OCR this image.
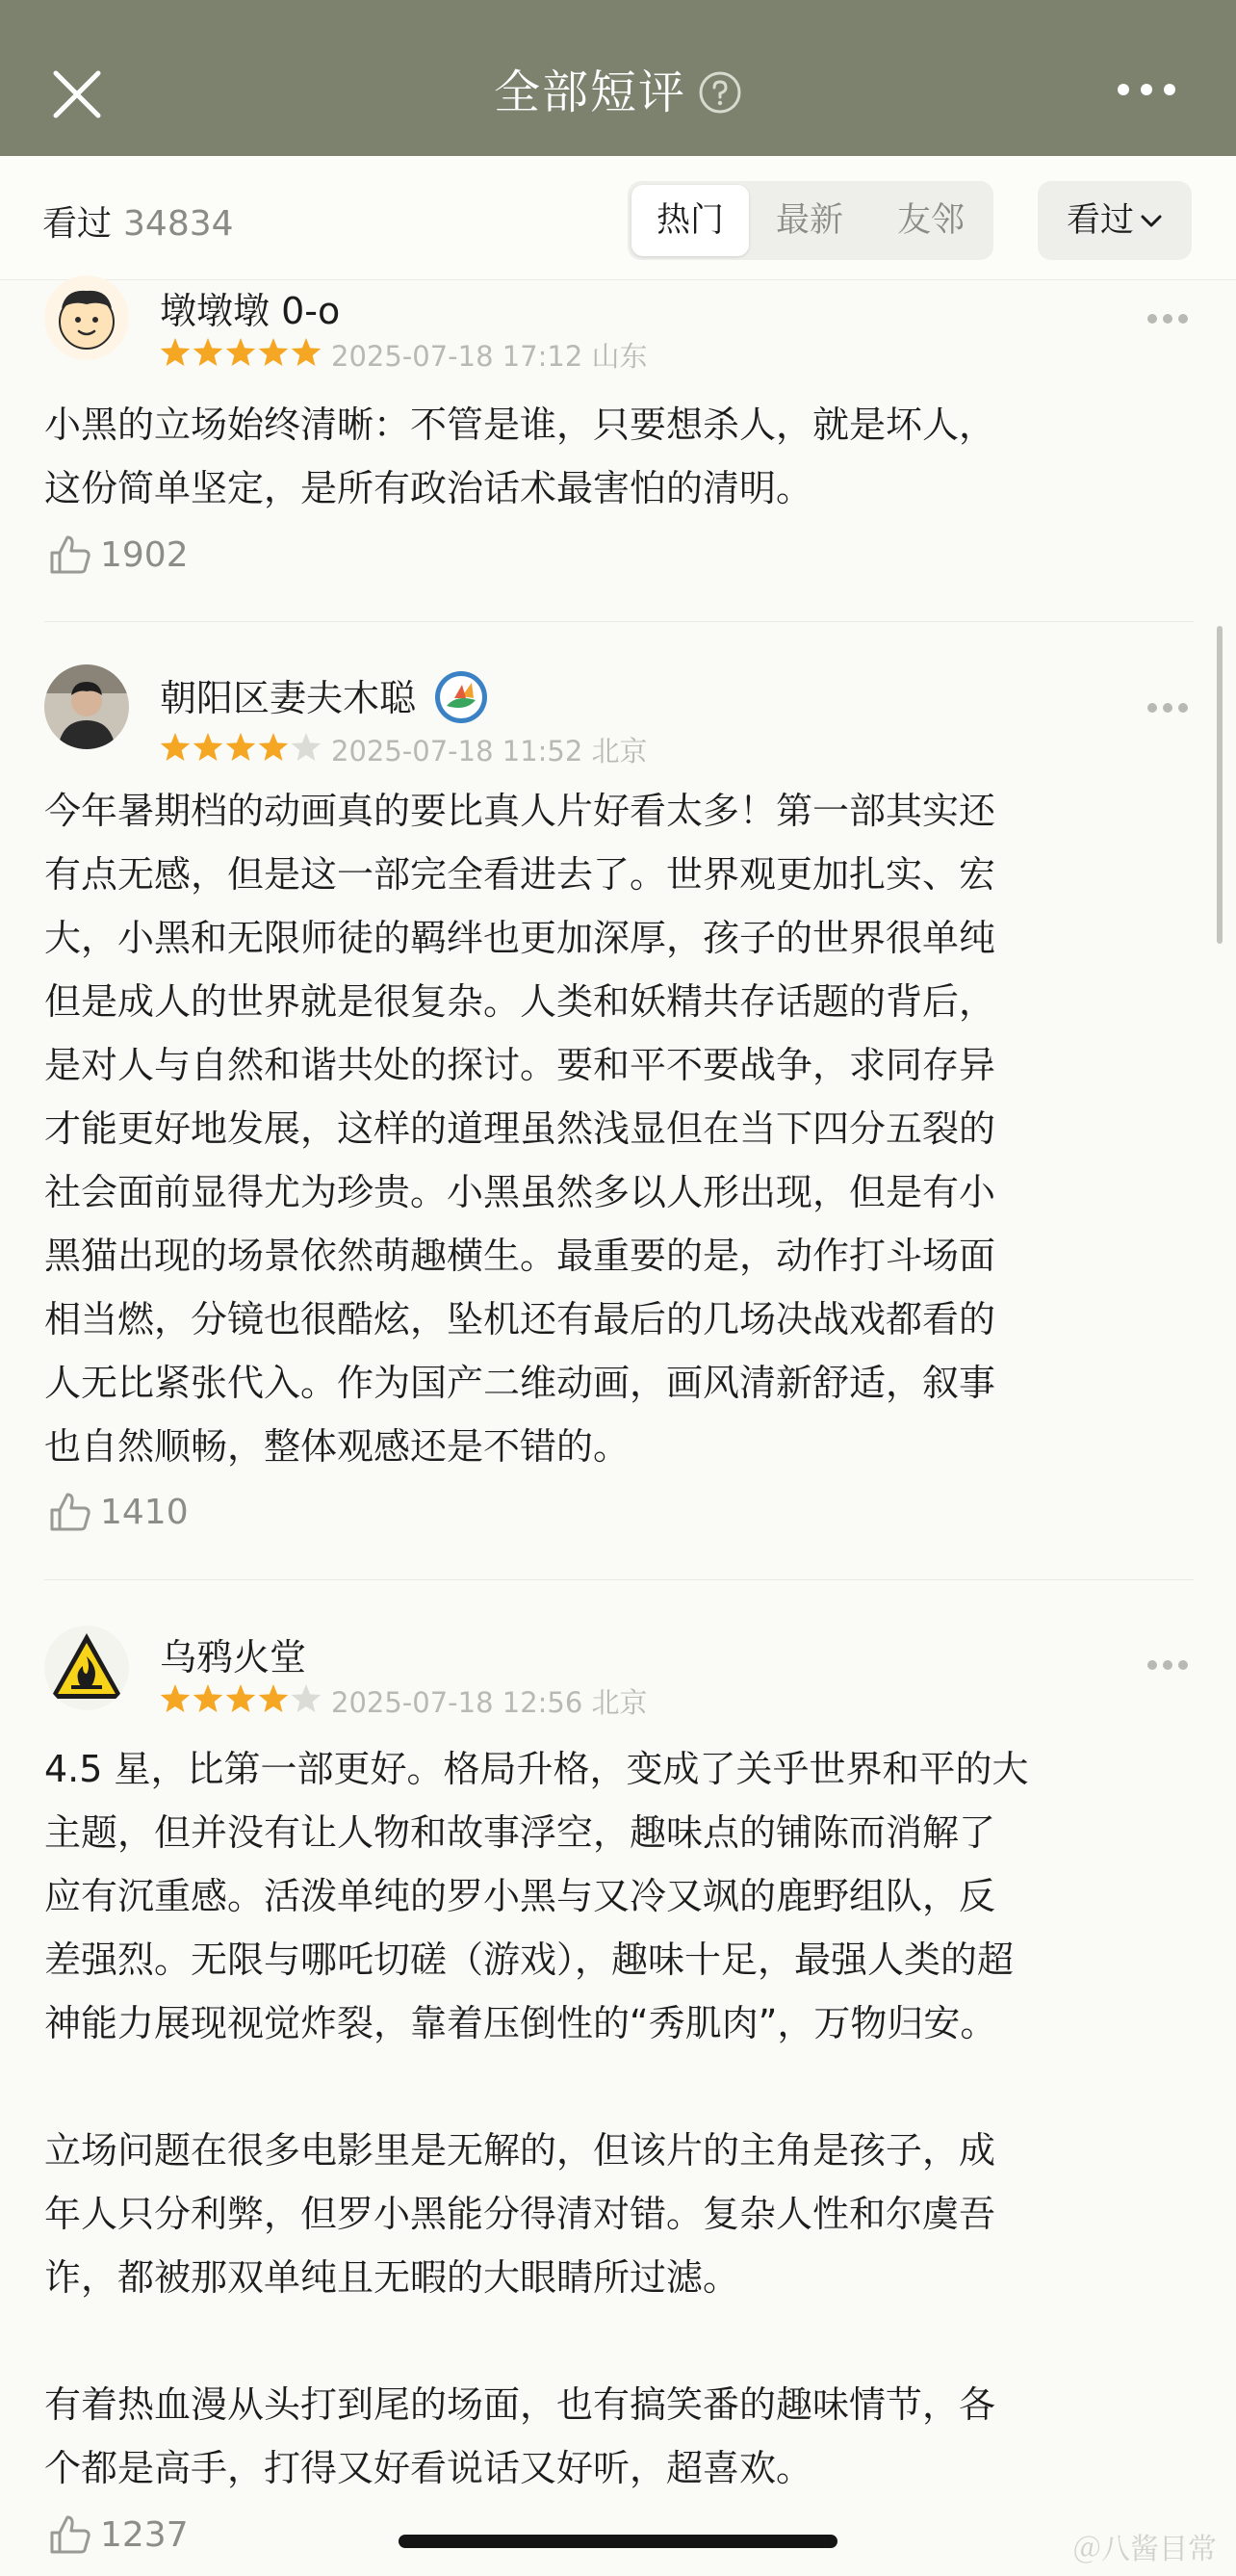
全部短评
看过 34834	热门	最新	友邻	看过
墩墩墩 0-o
2025-07-18 17:12 山东
小黑的立场始终清晰：不管是谁，只要想杀人，就是坏人，
这份简单坚定，是所有政治话术最害怕的清明。
1902
朝阳区妻夫木聪
2025-07-18 11:52 北京
今年暑期档的动画真的要比真人片好看太多！第一部其实还
有点无感，但是这一部完全看进去了。世界观更加扎实、宏
大，小黑和无限师徒的羁绊也更加深厚，孩子的世界很单纯
但是成人的世界就是很复杂。人类和妖精共存话题的背后，
是对人与自然和谐共处的探讨。要和平不要战争，求同存异
才能更好地发展，这样的道理虽然浅显但在当下四分五裂的
社会面前显得尤为珍贵。小黑虽然多以人形出现，但是有小
黑猫出现的场景依然萌趣横生。最重要的是，动作打斗场面
相当燃，分镜也很酷炫，坠机还有最后的几场决战戏都看的
人无比紧张代入。作为国产二维动画，画风清新舒适，叙事
也自然顺畅，整体观感还是不错的。
1410
乌鸦火堂
2025-07-18 12:56 北京
4.5 星，比第一部更好。格局升格，变成了关乎世界和平的大
主题，但并没有让人物和故事浮空，趣味点的铺陈而消解了
应有沉重感。活泼单纯的罗小黑与又冷又飒的鹿野组队，反
差强烈。无限与哪吒切磋（游戏），趣味十足，最强人类的超
神能力展现视觉炸裂，靠着压倒性的“秀肌肉”，万物归安。
立场问题在很多电影里是无解的，但该片的主角是孩子，成
年人只分利弊，但罗小黑能分得清对错。复杂人性和尔虞吾
诈，都被那双单纯且无暇的大眼睛所过滤。
有着热血漫从头打到尾的场面，也有搞笑番的趣味情节，各
个都是高手，打得又好看说话又好听，超喜欢。
1237	＠八酱目常
